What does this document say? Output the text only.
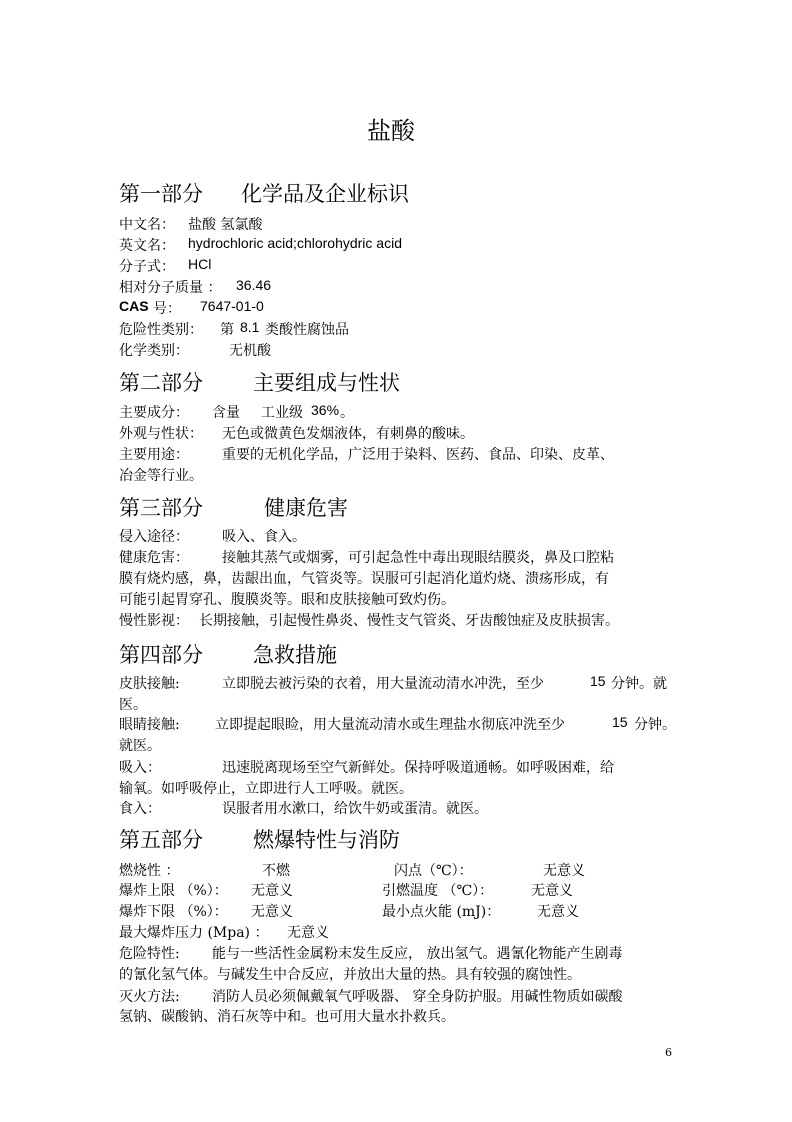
盐酸
第一部分 化学品及企业标识
中文名： 盐酸 氢氯酸
英文名： hydrochloric acid;chlorohydric acid
分子式： HCl
相对分子质量 ： 36.46
CAS 号： 7647-01-0
危险性类别： 第 8.1 类酸性腐蚀品
化学类别：	无机酸
第二部分 主要组成与性状
主要成分： 含量 工业级 36% 。
外观与性状： 无色或微黄色发烟液体，有刺鼻的酸味。
主要用途： 重要的无机化学品，广泛用于染料、医药、食品、印染、皮革、
冶金等行业。
第三部分	健康危害
侵入途径： 吸入、食入。
健康危害： 接触其蒸气或烟雾，可引起急性中毒出现眼结膜炎，鼻及口腔粘
膜有烧灼感，鼻，齿龈出血，气管炎等。误服可引起消化道灼烧、溃疡形成，有
可能引起胃穿孔、腹膜炎等。眼和皮肤接触可致灼伤。
慢性影视： 长期接触，引起慢性鼻炎、慢性支气管炎、牙齿酸蚀症及皮肤损害。
第四部分 急救措施
皮肤接触:	立即脱去被污染的衣着，用大量流动清水冲洗，至少	15 分钟。就
医。
眼睛接触:	立即提起眼睑，用大量流动清水或生理盐水彻底冲洗至少	15 分钟。
就医。
吸入：	迅速脱离现场至空气新鲜处。保持呼吸道通畅。如呼吸困难，给
输氧。如呼吸停止，立即进行人工呼吸。就医。
食入：	误服者用水漱口，给饮牛奶或蛋清。就医。
第五部分 燃爆特性与消防
燃烧性 ：	不燃	闪点（℃）：	无意义
爆炸上限 （%）： 无意义	引燃温度 （℃）：	无意义
爆炸下限 （%）： 无意义	最小点火能 (mJ)：	无意义
最大爆炸压力 (Mpa) ： 无意义
危险特性: 能与一些活性金属粉末发生反应， 放出氢气。遇氰化物能产生剧毒
的氰化氢气体。与碱发生中合反应，并放出大量的热。具有较强的腐蚀性。
灭火方法: 消防人员必须佩戴氧气呼吸器、 穿全身防护服。用碱性物质如碳酸
氢钠、碳酸钠、消石灰等中和。也可用大量水扑救兵。
6
